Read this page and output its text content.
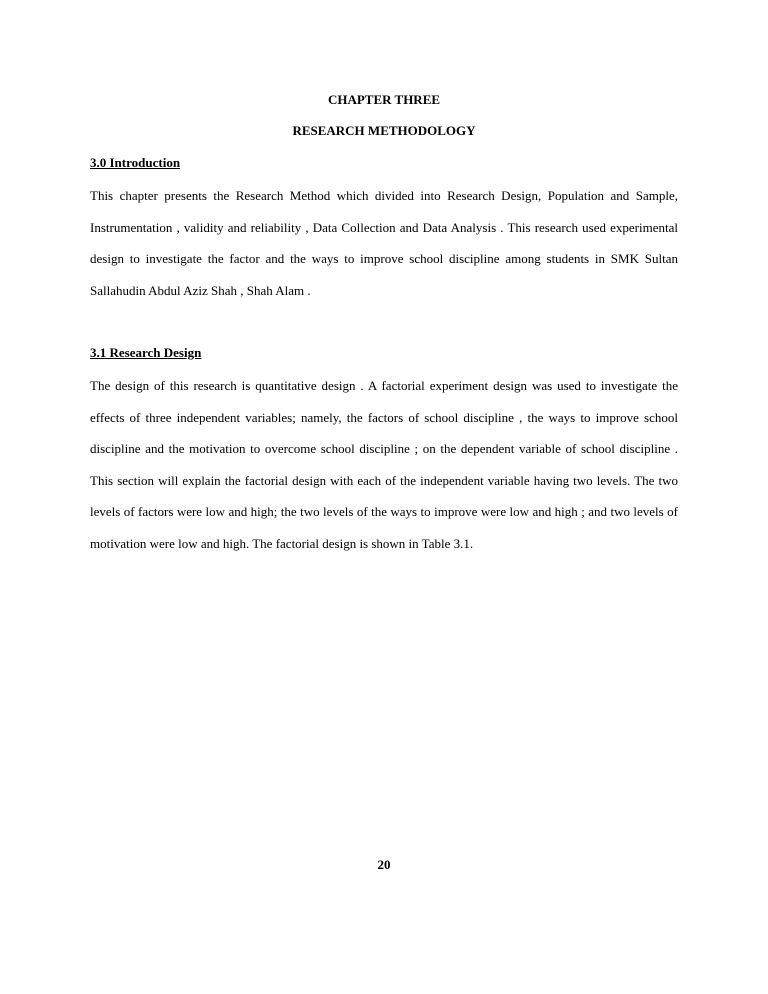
CHAPTER THREE

RESEARCH METHODOLOGY

3.0 Introduction

This chapter presents the Research Method which divided into Research Design, Population and Sample, Instrumentation , validity and reliability , Data Collection and Data Analysis . This research used experimental design to investigate the factor and the ways to improve school discipline among students in SMK Sultan Sallahudin Abdul Aziz Shah , Shah Alam .

3.1 Research Design

The design of this research is quantitative design . A factorial experiment design was used to investigate the effects of three independent variables; namely, the factors of school discipline , the ways to improve school discipline and the motivation to overcome school discipline ; on the dependent variable of school discipline . This section will explain the factorial design with each of the independent variable having two levels. The two levels of factors were low and high; the two levels of the ways to improve were low and high ; and two levels of motivation were low and high. The factorial design is shown in Table 3.1.

20
